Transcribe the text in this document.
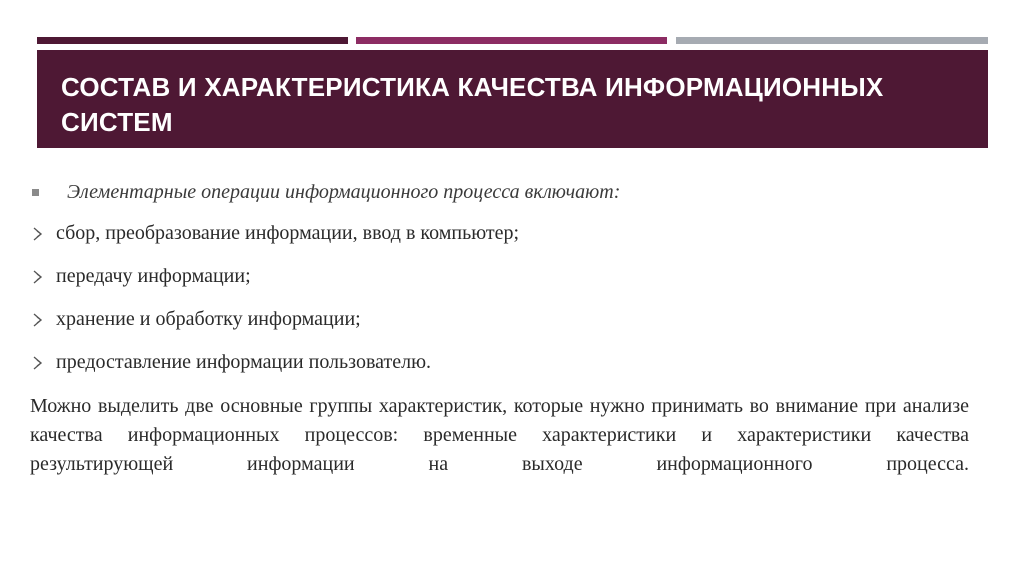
СОСТАВ И ХАРАКТЕРИСТИКА КАЧЕСТВА ИНФОРМАЦИОННЫХ СИСТЕМ
Элементарные операции информационного процесса включают:
сбор, преобразование информации, ввод в компьютер;
передачу информации;
хранение и обработку информации;
предоставление информации пользователю.

Можно выделить две основные группы характеристик, которые нужно принимать во внимание при анализе качества информационных процессов: временные характеристики и характеристики качества результирующей информации на выходе информационного процесса.
